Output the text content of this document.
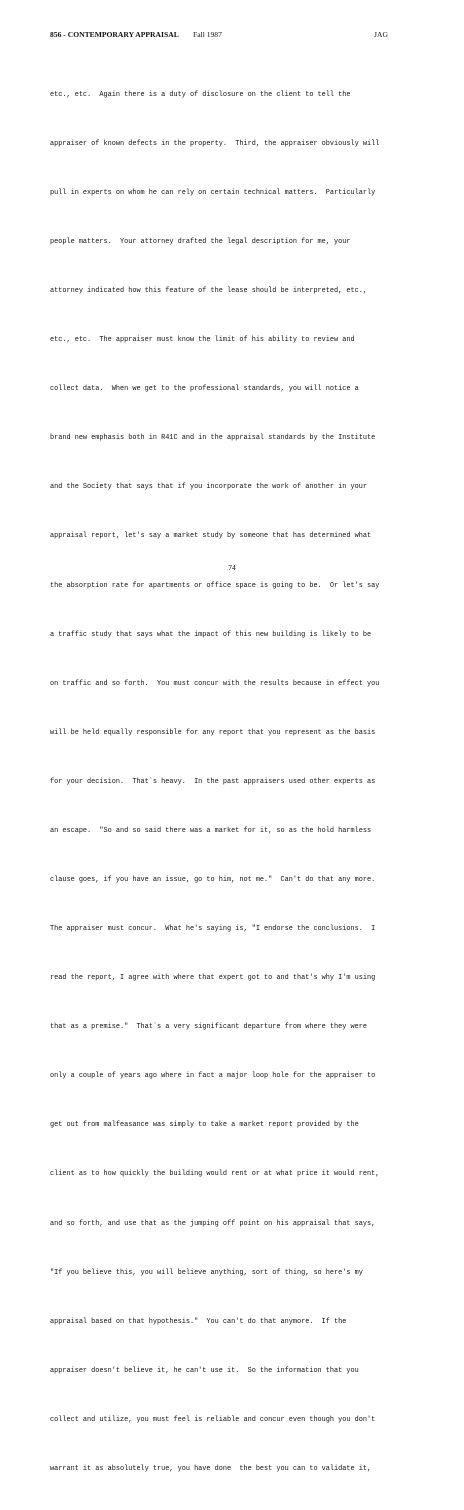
856 - CONTEMPORARY APPRAISAL Fall 1987	JAG

etc., etc.  Again there is a duty of disclosure on the client to tell the

appraiser of known defects in the property.  Third, the appraiser obviously will

pull in experts on whom he can rely on certain technical matters.  Particularly

people matters.  Your attorney drafted the legal description for me, your

attorney indicated how this feature of the lease should be interpreted, etc.,

etc., etc.  The appraiser must know the limit of his ability to review and

collect data.  When we get to the professional standards, you will notice a

brand new emphasis both in R41C and in the appraisal standards by the Institute

and the Society that says that if you incorporate the work of another in your

appraisal report, let's say a market study by someone that has determined what

the absorption rate for apartments or office space is going to be.  Or let's say

a traffic study that says what the impact of this new building is likely to be

on traffic and so forth.  You must concur with the results because in effect you

will be held equally responsible for any report that you represent as the basis

for your decision.  That`s heavy.  In the past appraisers used other experts as

an escape.  "So and so said there was a market for it, so as the hold harmless

clause goes, if you have an issue, go to him, not me."  Can't do that any more.

The appraiser must concur.  What he's saying is, "I endorse the conclusions.  I

read the report, I agree with where that expert got to and that's why I'm using

that as a premise."  That`s a very significant departure from where they were

only a couple of years ago where in fact a major loop hole for the appraiser to

get out from malfeasance was simply to take a market report provided by the

client as to how quickly the building would rent or at what price it would rent,

and so forth, and use that as the jumping off point on his appraisal that says,

"If you believe this, you will believe anything, sort of thing, so here's my

appraisal based on that hypothesis."  You can't do that anymore.  If the

appraiser doesn't believe it, he can't use it.  So the information that you

collect and utilize, you must feel is reliable and concur even though you don't

warrant it as absolutely true, you have done  the best you can to validate it,

74
